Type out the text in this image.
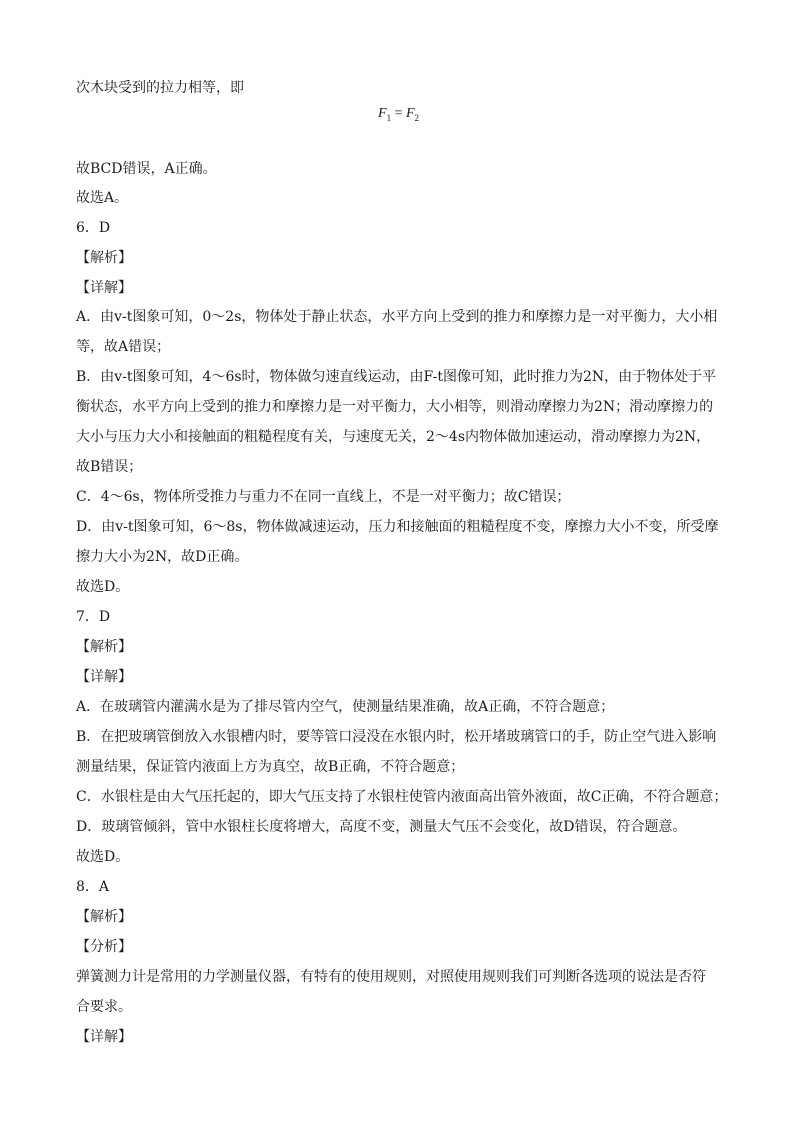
次木块受到的拉力相等，即
$F_1 = F_2$
故BCD错误，A正确。
故选A。
6．D
【解析】
【详解】
A．由v-t图象可知，0～2s，物体处于静止状态，水平方向上受到的推力和摩擦力是一对平衡力，大小相
等，故A错误；
B．由v-t图象可知，4～6s时，物体做匀速直线运动，由F-t图像可知，此时推力为2N，由于物体处于平
衡状态，水平方向上受到的推力和摩擦力是一对平衡力，大小相等，则滑动摩擦力为2N；滑动摩擦力的
大小与压力大小和接触面的粗糙程度有关，与速度无关，2～4s内物体做加速运动，滑动摩擦力为2N，
故B错误；
C．4～6s，物体所受推力与重力不在同一直线上，不是一对平衡力；故C错误；
D．由v-t图象可知，6～8s，物体做减速运动，压力和接触面的粗糙程度不变，摩擦力大小不变，所受摩
擦力大小为2N，故D正确。
故选D。
7．D
【解析】
【详解】
A．在玻璃管内灌满水是为了排尽管内空气，使测量结果准确，故A正确，不符合题意；
B．在把玻璃管倒放入水银槽内时，要等管口浸没在水银内时，松开堵玻璃管口的手，防止空气进入影响
测量结果，保证管内液面上方为真空，故B正确，不符合题意；
C．水银柱是由大气压托起的，即大气压支持了水银柱使管内液面高出管外液面，故C正确，不符合题意；
D．玻璃管倾斜，管中水银柱长度将增大，高度不变，测量大气压不会变化，故D错误，符合题意。
故选D。
8．A
【解析】
【分析】
弹簧测力计是常用的力学测量仪器，有特有的使用规则，对照使用规则我们可判断各选项的说法是否符
合要求。
【详解】
